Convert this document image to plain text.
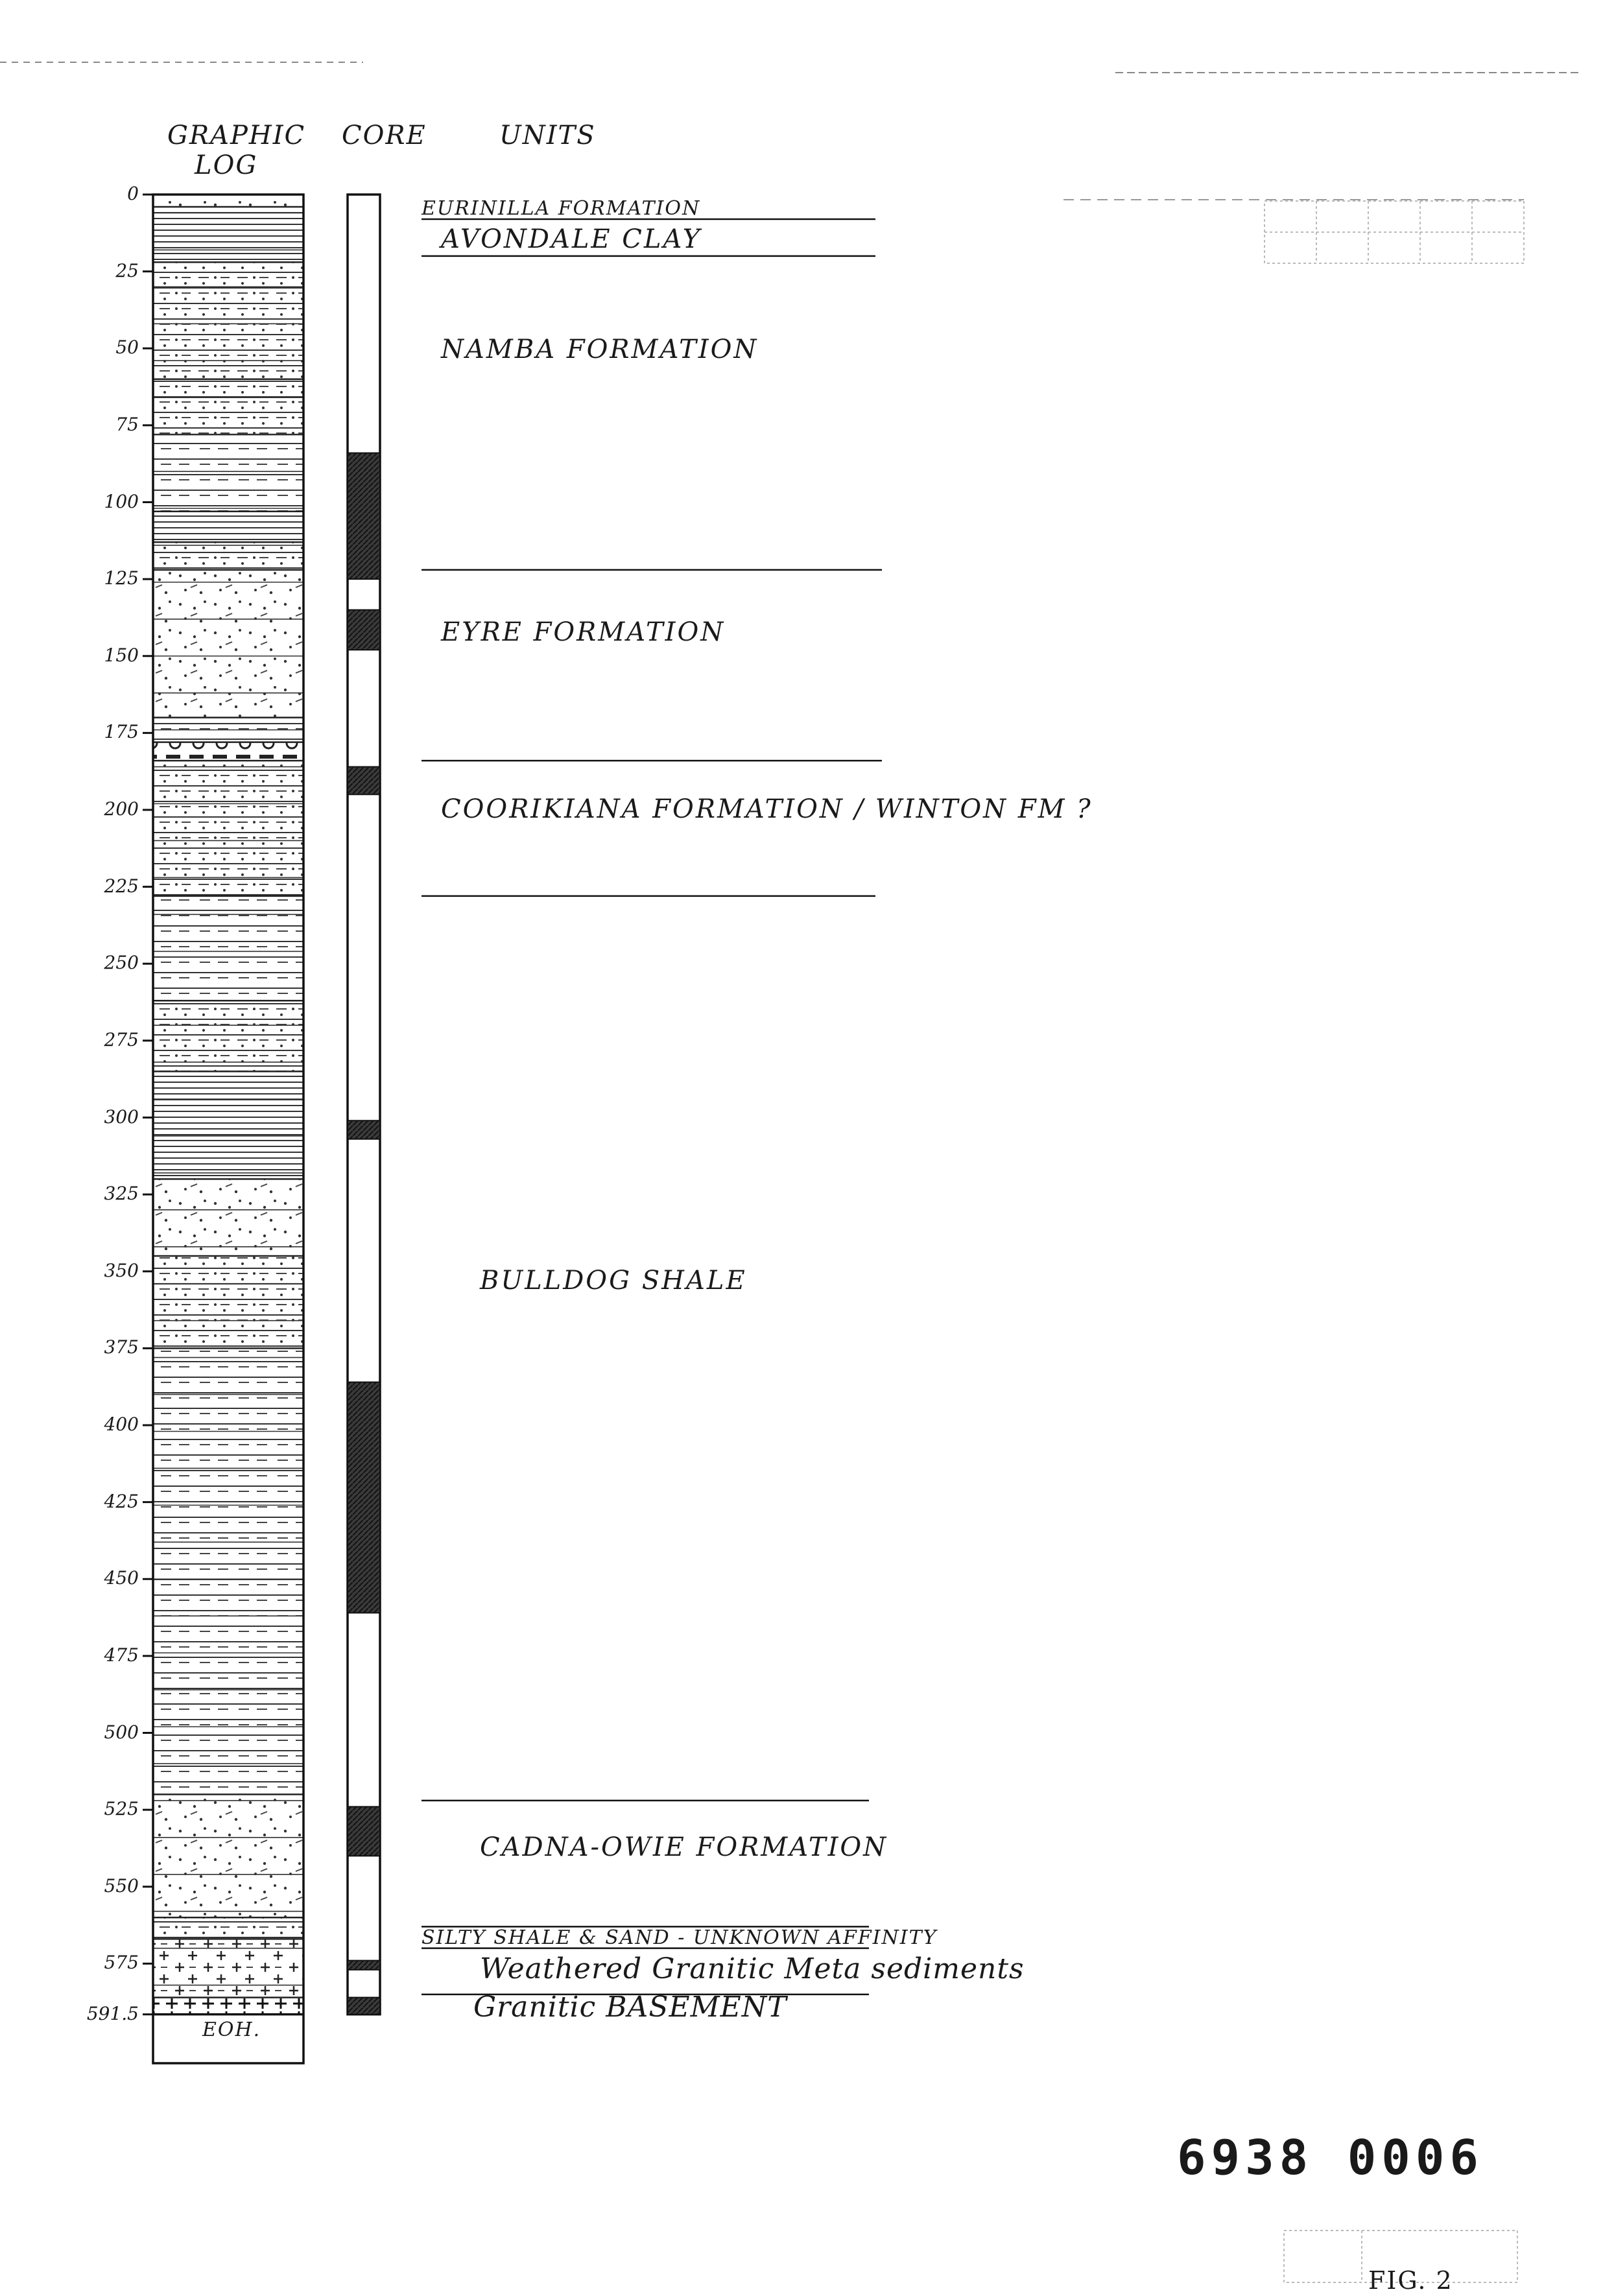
GRAPHIC
LOG
CORE	UNITS
0
25
50
75
100
125
150
175
200
225
250
275
300
325
350
375
400
425
450
475
500
525
550
575
591.5
EOH.
EURINILLA FORMATION
AVONDALE CLAY
NAMBA FORMATION
EYRE FORMATION
COORIKIANA FORMATION / WINTON FM ?
BULLDOG SHALE
CADNA-OWIE FORMATION
SILTY SHALE & SAND - UNKNOWN AFFINITY
Weathered Granitic Meta sediments
Granitic BASEMENT
6938 0006
FIG. 2
